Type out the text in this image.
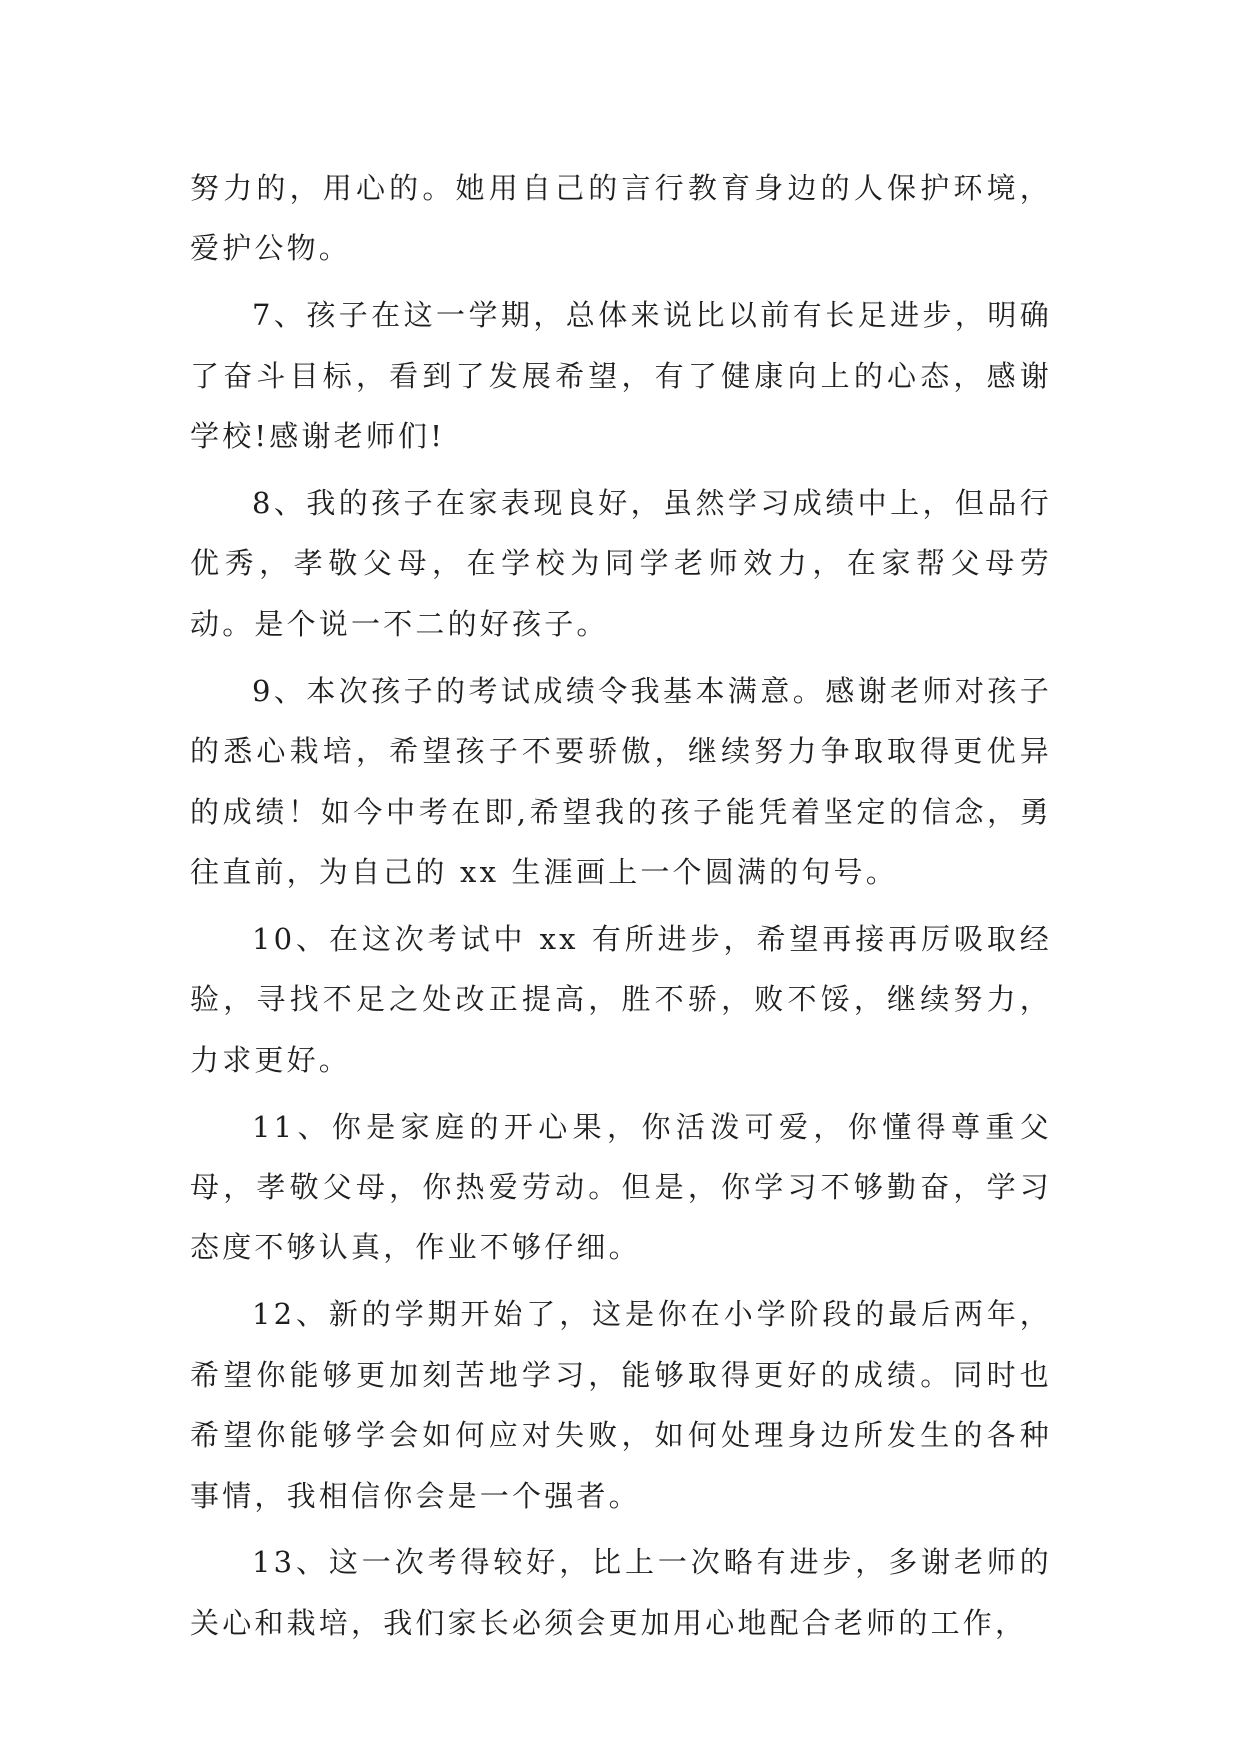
努力的，用心的。她用自己的言行教育身边的人保护环境，爱护公物。

7、孩子在这一学期，总体来说比以前有长足进步，明确了奋斗目标，看到了发展希望，有了健康向上的心态，感谢学校!感谢老师们!

8、我的孩子在家表现良好，虽然学习成绩中上，但品行优秀，孝敬父母，在学校为同学老师效力，在家帮父母劳动。是个说一不二的好孩子。

9、本次孩子的考试成绩令我基本满意。感谢老师对孩子的悉心栽培，希望孩子不要骄傲，继续努力争取取得更优异的成绩！如今中考在即,希望我的孩子能凭着坚定的信念，勇往直前，为自己的 xx 生涯画上一个圆满的句号。

10、在这次考试中 xx 有所进步，希望再接再厉吸取经验，寻找不足之处改正提高，胜不骄，败不馁，继续努力，力求更好。

11、你是家庭的开心果，你活泼可爱，你懂得尊重父母，孝敬父母，你热爱劳动。但是，你学习不够勤奋，学习态度不够认真，作业不够仔细。

12、新的学期开始了，这是你在小学阶段的最后两年，希望你能够更加刻苦地学习，能够取得更好的成绩。同时也希望你能够学会如何应对失败，如何处理身边所发生的各种事情，我相信你会是一个强者。

13、这一次考得较好，比上一次略有进步，多谢老师的关心和栽培，我们家长必须会更加用心地配合老师的工作，
